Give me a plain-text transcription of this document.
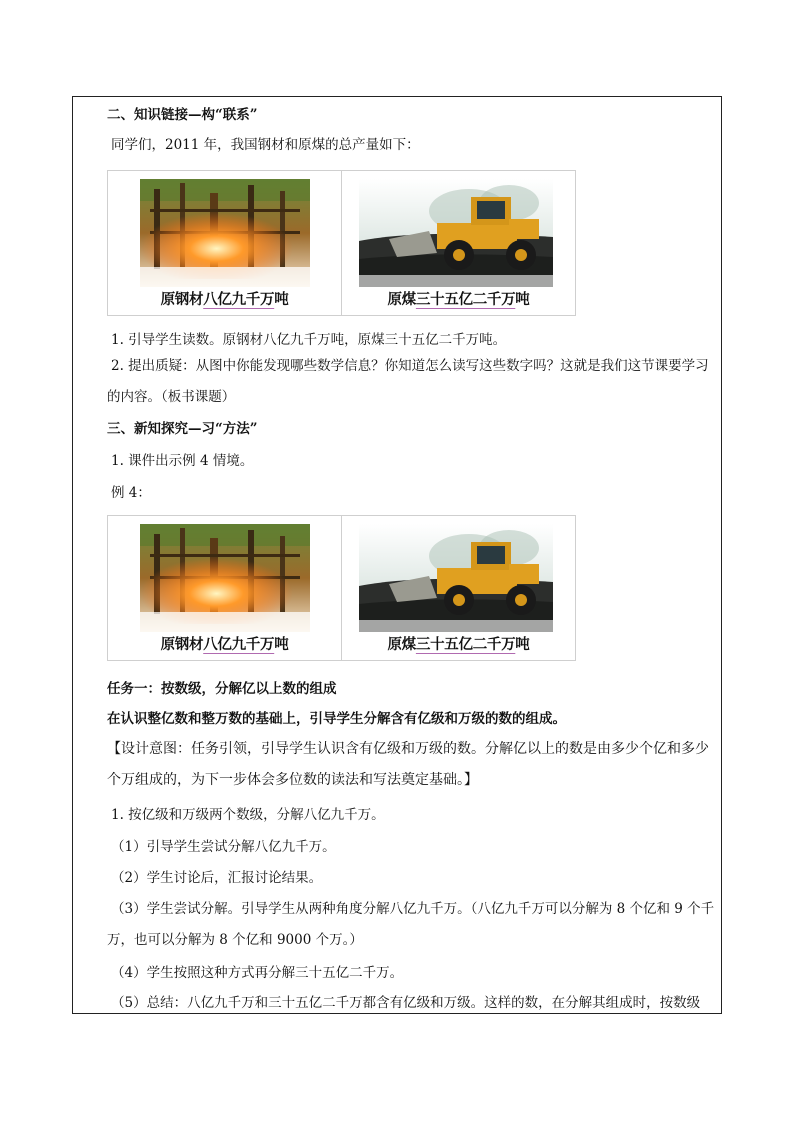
二、知识链接—构“联系”
同学们，2011 年，我国钢材和原煤的总产量如下：
原钢材八亿九千万吨	原煤三十五亿二千万吨
1. 引导学生读数。原钢材八亿九千万吨，原煤三十五亿二千万吨。
2. 提出质疑：从图中你能发现哪些数学信息？你知道怎么读写这些数字吗？这就是我们这节课要学习的内容。（板书课题）
三、新知探究—习“方法”
1. 课件出示例 4 情境。
例 4：
原钢材八亿九千万吨	原煤三十五亿二千万吨
任务一：按数级，分解亿以上数的组成
在认识整亿数和整万数的基础上，引导学生分解含有亿级和万级的数的组成。
【设计意图：任务引领，引导学生认识含有亿级和万级的数。分解亿以上的数是由多少个亿和多少个万组成的，为下一步体会多位数的读法和写法奠定基础。】
1. 按亿级和万级两个数级，分解八亿九千万。
（1）引导学生尝试分解八亿九千万。
（2）学生讨论后，汇报讨论结果。
（3）学生尝试分解。引导学生从两种角度分解八亿九千万。（八亿九千万可以分解为 8 个亿和 9 个千万，也可以分解为 8 个亿和 9000 个万。）
（4）学生按照这种方式再分解三十五亿二千万。
（5）总结：八亿九千万和三十五亿二千万都含有亿级和万级。这样的数，在分解其组成时，按数级
